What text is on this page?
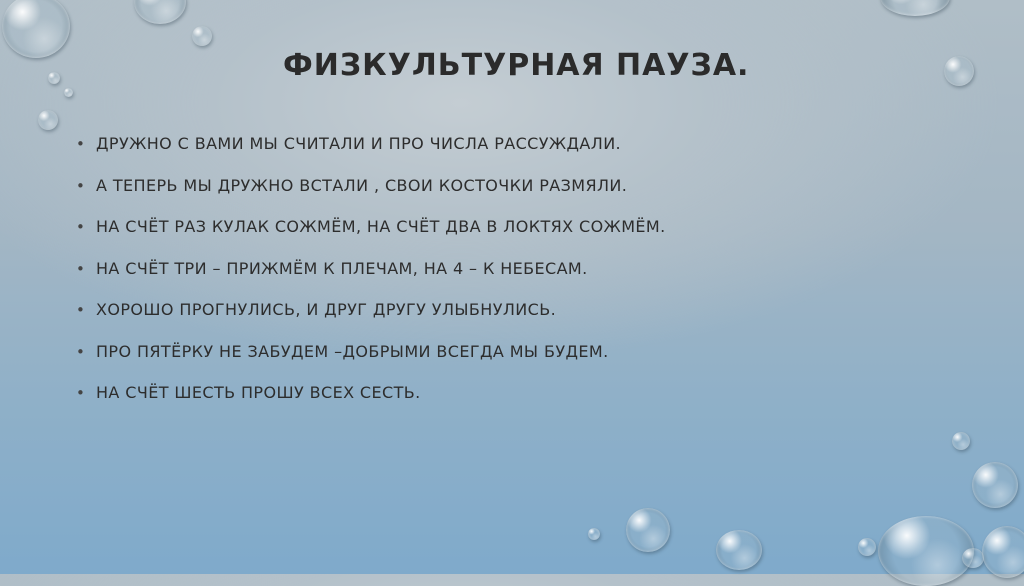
ФИЗКУЛЬТУРНАЯ ПАУЗА.
• ДРУЖНО С ВАМИ МЫ СЧИТАЛИ И ПРО ЧИСЛА РАССУЖДАЛИ.
• А ТЕПЕРЬ МЫ ДРУЖНО ВСТАЛИ , СВОИ КОСТОЧКИ РАЗМЯЛИ.
• НА СЧЁТ РАЗ КУЛАК СОЖМЁМ, НА СЧЁТ ДВА В ЛОКТЯХ СОЖМЁМ.
• НА СЧЁТ ТРИ – ПРИЖМЁМ К ПЛЕЧАМ, НА 4 – К НЕБЕСАМ.
• ХОРОШО ПРОГНУЛИСЬ, И ДРУГ ДРУГУ УЛЫБНУЛИСЬ.
• ПРО ПЯТЁРКУ НЕ ЗАБУДЕМ –ДОБРЫМИ ВСЕГДА МЫ БУДЕМ.
• НА СЧЁТ ШЕСТЬ ПРОШУ ВСЕХ СЕСТЬ.
